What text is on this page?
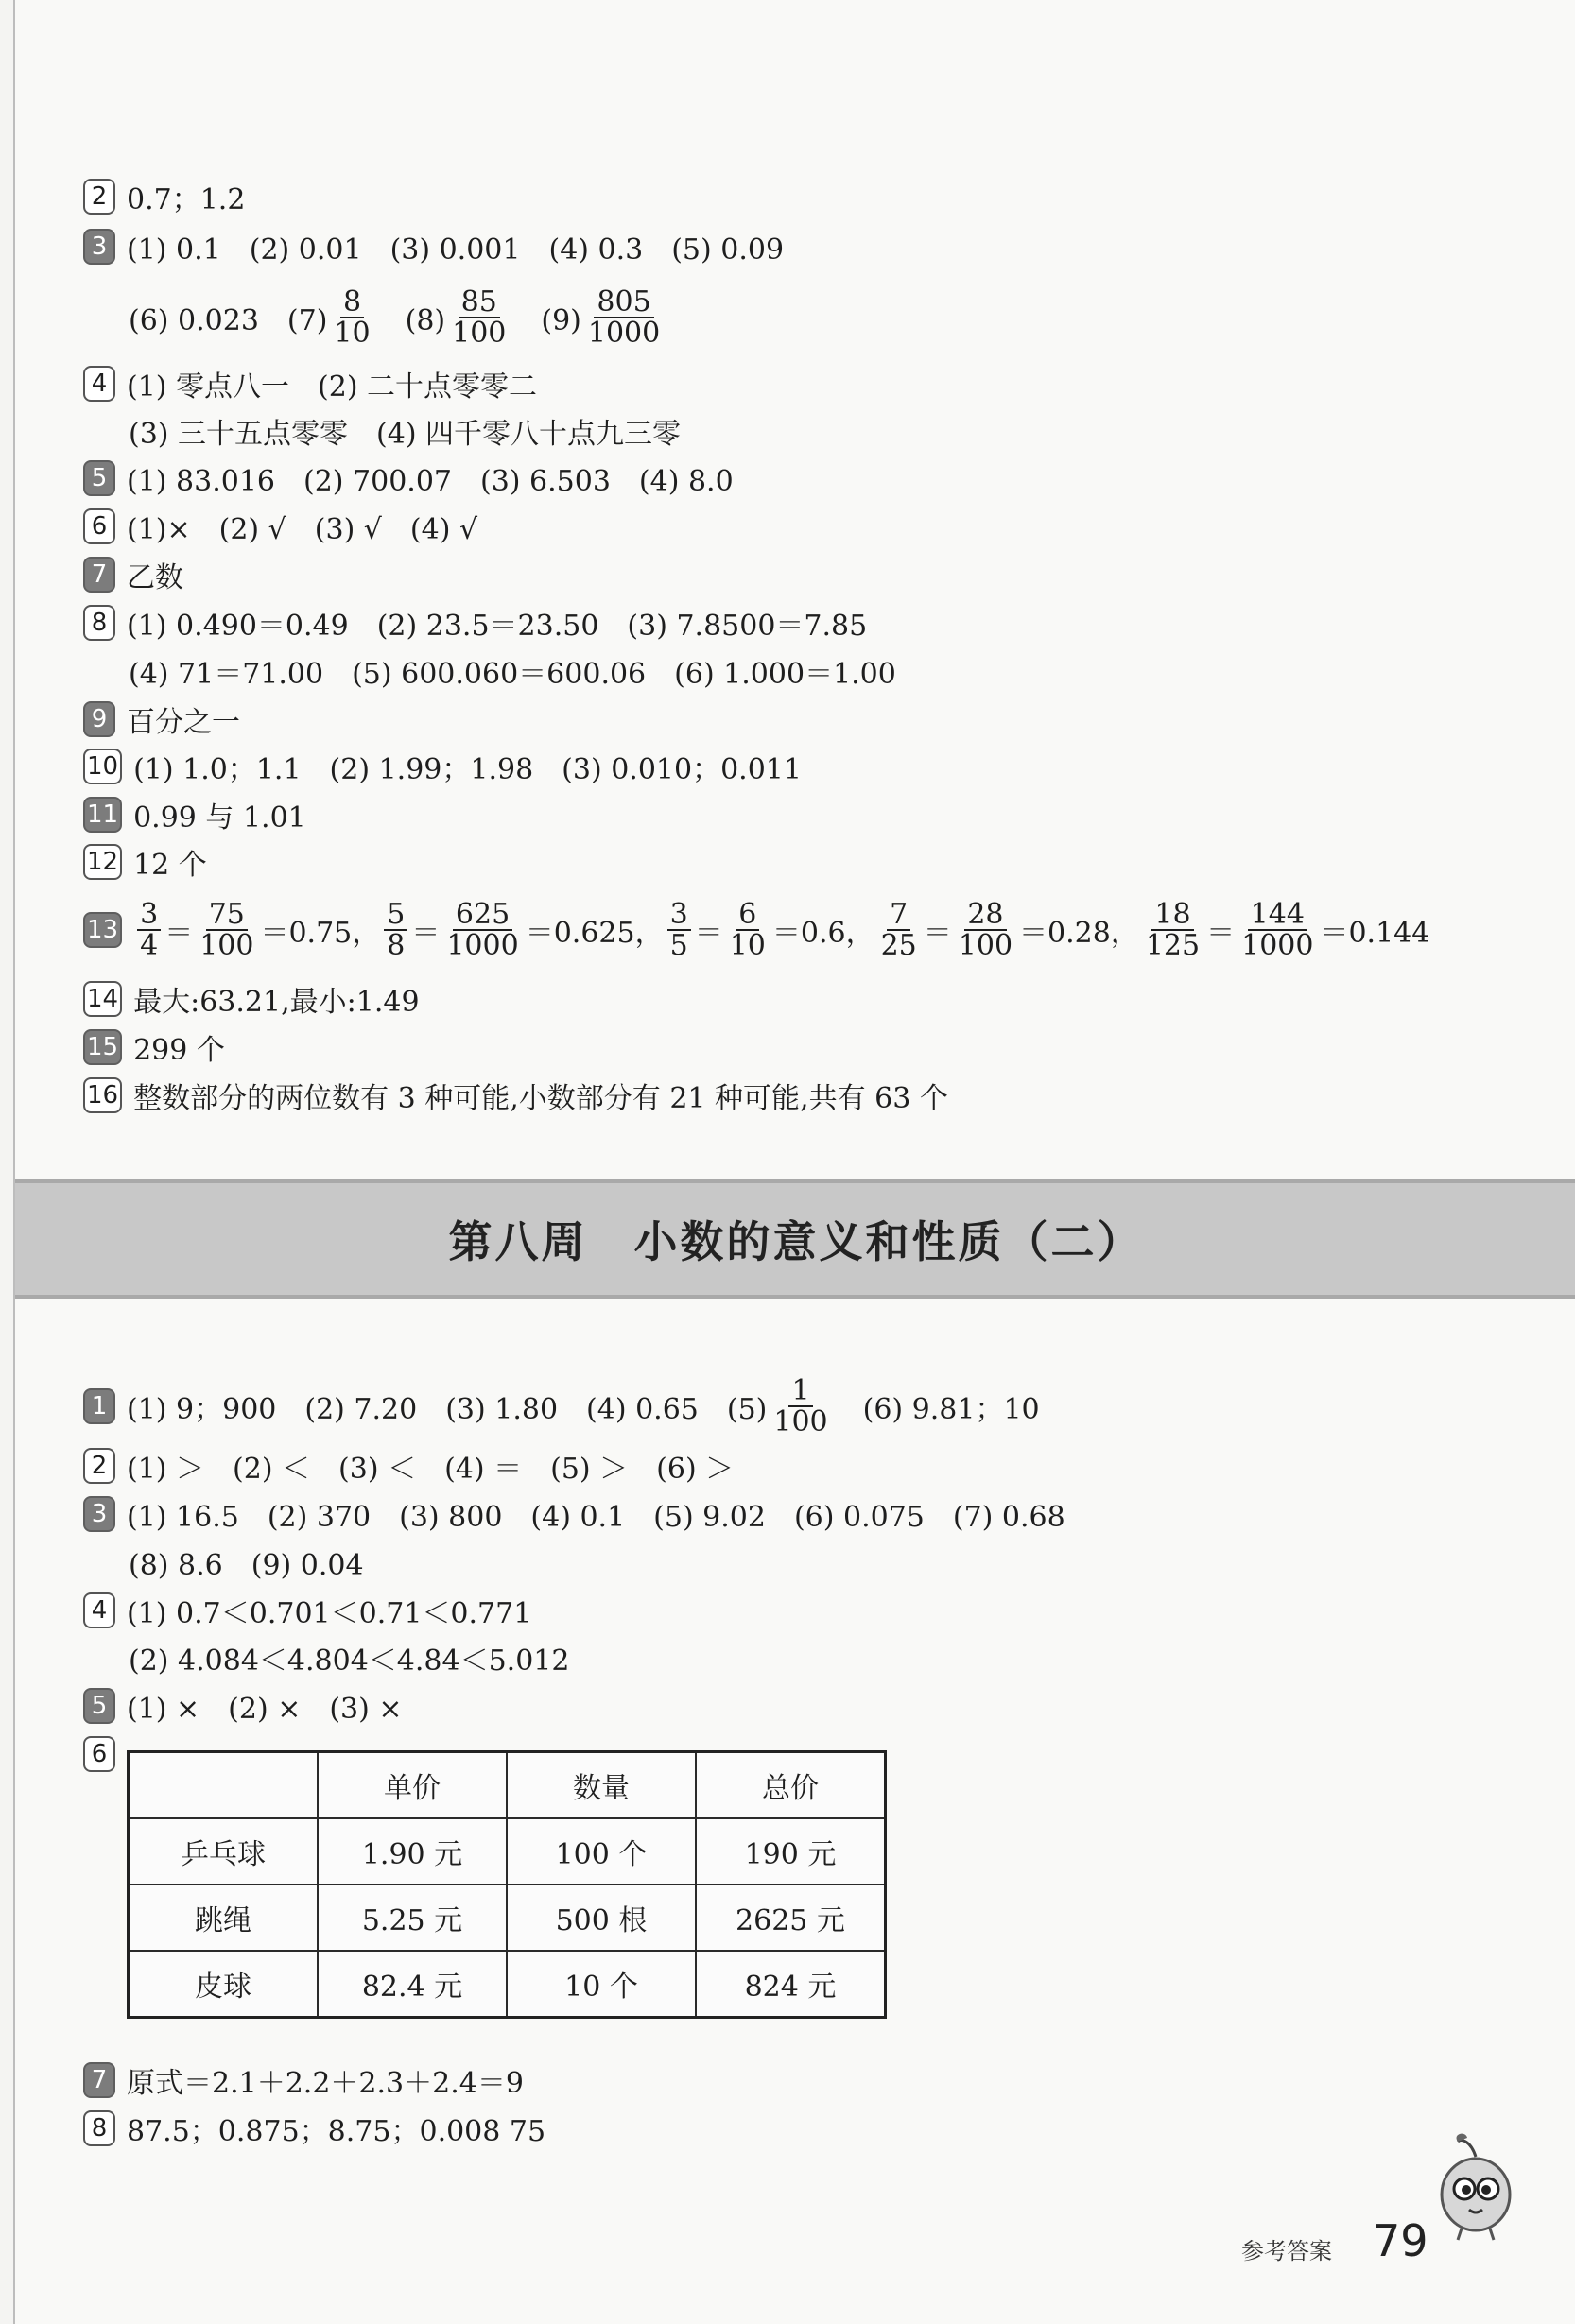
2 0.7；1.2
3 (1) 0.1　(2) 0.01　(3) 0.001　(4) 0.3　(5) 0.09
(6) 0.023　$(7) \frac{8}{10}$ 　$(8) \frac{85}{100}$ 　$(9) \frac{805}{1000}$
4 (1) 零点八一　(2) 二十点零零二
(3) 三十五点零零　(4) 四千零八十点九三零
5 (1) 83.016　(2) 700.07　(3) 6.503　(4) 8.0
6 (1)×　(2) √　(3) √　(4) √
7 乙数
8 (1) 0.490＝0.49　(2) 23.5＝23.50　(3) 7.8500＝7.85
(4) 71＝71.00　(5) 600.060＝600.06　(6) 1.000＝1.00
9 百分之一
10 (1) 1.0；1.1　(2) 1.99；1.98　(3) 0.010；0.011
11 0.99 与 1.01
12 12 个
$13 \frac{3}{4} = \frac{75}{100} =0.75$， $\frac{5}{8} = \frac{625}{1000} =0.625$， $\frac{3}{5} = \frac{6}{10} =0.6$， $\frac{7}{25} = \frac{28}{100} =0.28$， $\frac{18}{125} = \frac{144}{1000} =0.144$
14 最大:63.21,最小:1.49
15 299 个
16 整数部分的两位数有 3 种可能,小数部分有 21 种可能,共有 63 个
第八周　小数的意义和性质（二）
1 (1) 9；900　(2) 7.20　(3) 1.80　(4) 0.65　$(5) \frac{1}{100}$ 　(6) 9.81；10
2 (1) ＞　(2) ＜　(3) ＜　(4) ＝　(5) ＞　(6) ＞
3 (1) 16.5　(2) 370　(3) 800　(4) 0.1　(5) 9.02　(6) 0.075　(7) 0.68
(8) 8.6　(9) 0.04
4 (1) 0.7＜0.701＜0.71＜0.771
(2) 4.084＜4.804＜4.84＜5.012
5 (1) ×　(2) ×　(3) ×
6
	单价	数量	总价
乒乓球	1.90 元	100 个	190 元
跳绳	5.25 元	500 根	2625 元
皮球	82.4 元	10 个	824 元
7 原式＝2.1＋2.2＋2.3＋2.4＝9
8 87.5；0.875；8.75；0.008 75
参考答案 79
